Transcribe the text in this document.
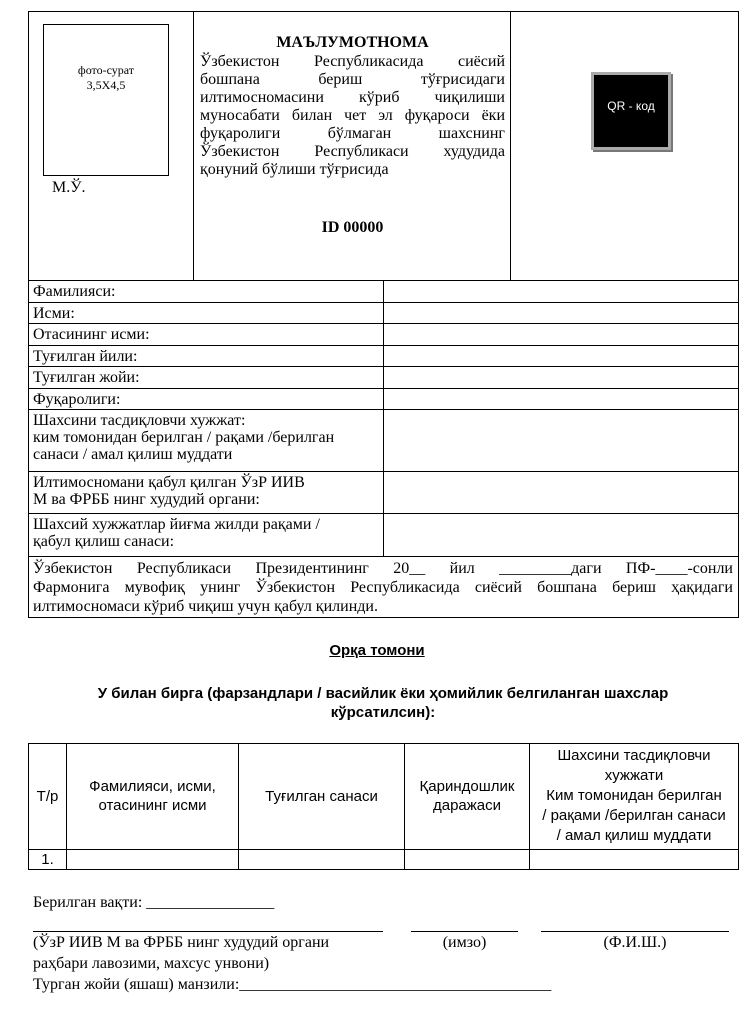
фото-сурат
3,5X4,5
М.Ў.
МАЪЛУМОТНОМА
Ўзбекистон Республикасида сиёсий
бошпана бериш тўғрисидаги
илтимосномасини кўриб чиқилиши
муносабати билан чет эл фуқароси ёки
фуқаролиги бўлмаган шахснинг
Ўзбекистон Республикаси худудида
қонуний бўлиши тўғрисида
ID 00000
QR - код
Фамилияси:
Исми:
Отасининг исми:
Туғилган йили:
Туғилган жойи:
Фуқаролиги:
Шахсини тасдиқловчи хужжат:
ким томонидан берилган / рақами /берилган
санаси / амал қилиш муддати
Илтимосномани қабул қилган ЎзР ИИВ
М ва ФРББ нинг худудий органи:
Шахсий хужжатлар йиғма жилди рақами /
қабул қилиш санаси:
Ўзбекистон Республикаси Президентининг 20__ йил _________даги ПФ-____-сонли
Фармонига мувофиқ унинг Ўзбекистон Республикасида сиёсий бошпана бериш ҳақидаги
илтимосномаси кўриб чиқиш учун қабул қилинди.
Орқа томони
У билан бирга (фарзандлари / васийлик ёки ҳомийлик белгиланган шахслар
кўрсатилсин):
Т/р
Фамилияси, исми,
отасининг исми
Туғилган санаси
Қариндошлик
даражаси
Шахсини тасдиқловчи
хужжати
Ким томонидан берилган
/ рақами /берилган санаси
/ амал қилиш муддати
1.
Берилган вақти: ________________
(ЎзР ИИВ М ва ФРББ нинг худудий органи
раҳбари лавозими, махсус унвони)
(имзо)	(Ф.И.Ш.)
Турган жойи (яшаш) манзили:_______________________________________
